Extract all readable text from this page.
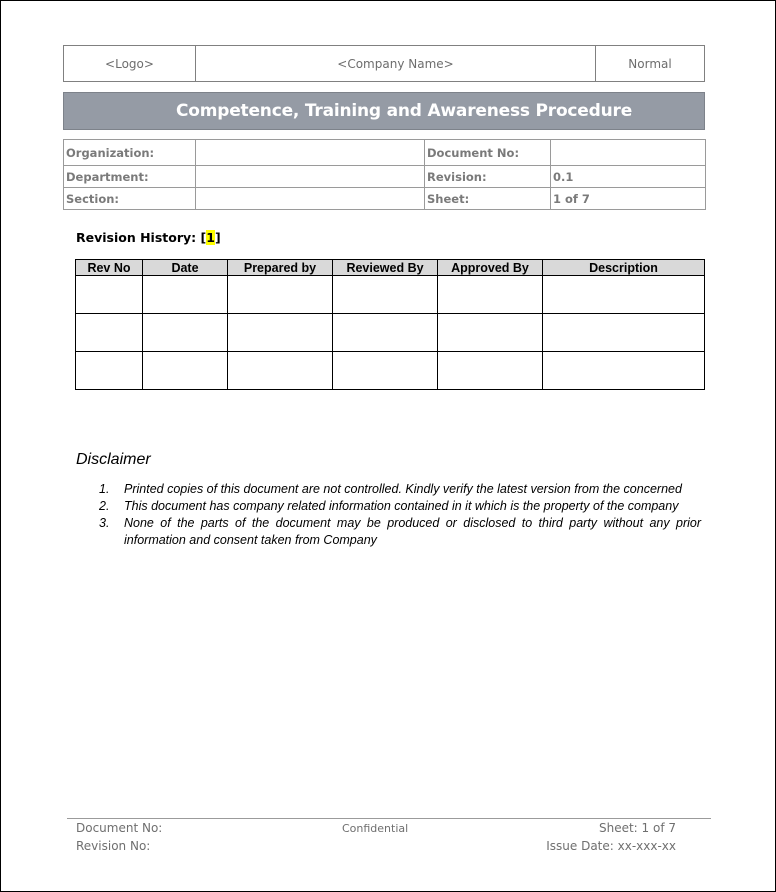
<Logo>	<Company Name>	Normal
Competence, Training and Awareness Procedure
Organization:		Document No:	
Department:		Revision:	0.1
Section:		Sheet:	1 of 7
Revision History: [1]
Rev No	Date	Prepared by	Reviewed By	Approved By	Description

Disclaimer
1. Printed copies of this document are not controlled. Kindly verify the latest version from the concerned
2. This document has company related information contained in it which is the property of the company
3. None of the parts of the document may be produced or disclosed to third party without any prior information and consent taken from Company
Document No:
Revision No:
Confidential	Sheet: 1 of 7
Issue Date: xx-xxx-xx
